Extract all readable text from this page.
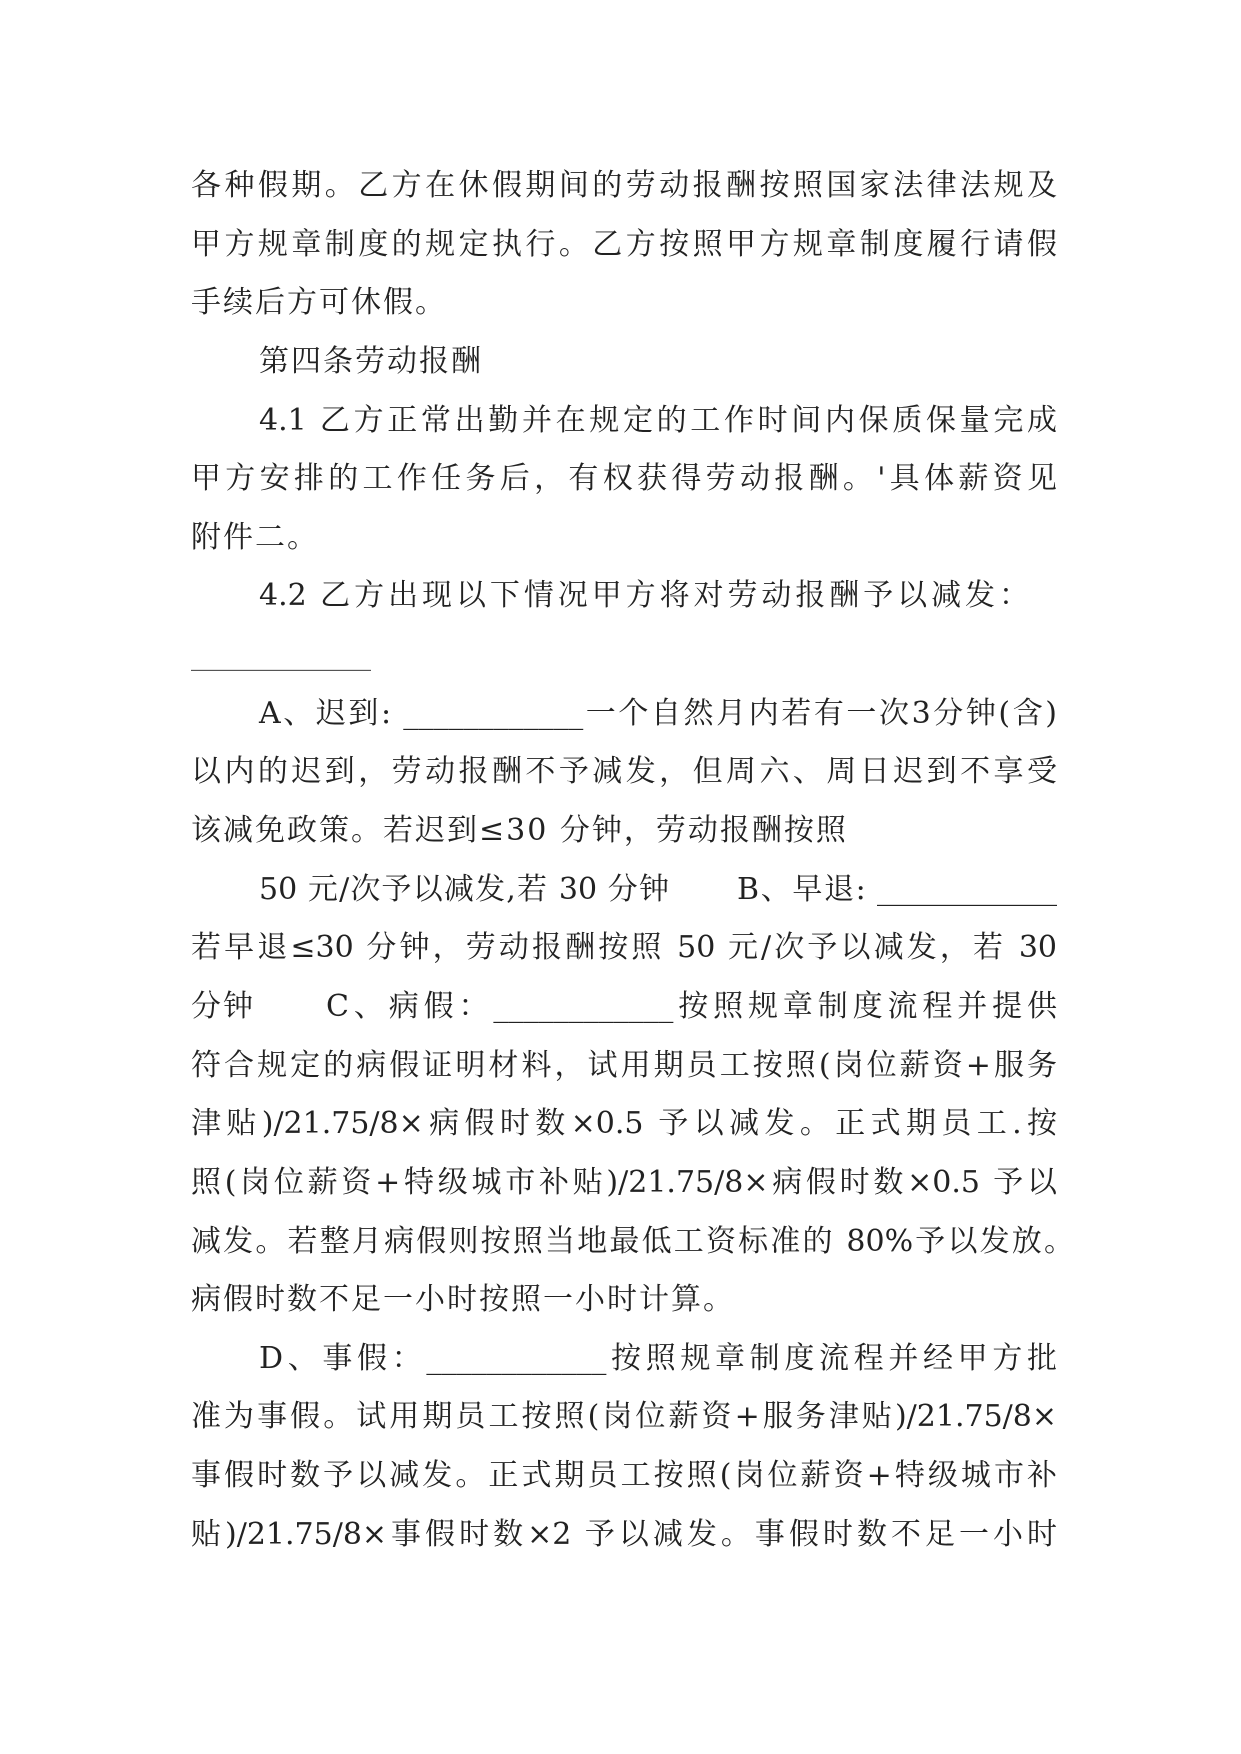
各种假期。乙方在休假期间的劳动报酬按照国家法律法规及
甲方规章制度的规定执行。乙方按照甲方规章制度履行请假
手续后方可休假。
第四条劳动报酬
4.1 乙方正常出勤并在规定的工作时间内保质保量完成
甲方安排的工作任务后，有权获得劳动报酬。'具体薪资见
附件二。
4.2 乙方出现以下情况甲方将对劳动报酬予以减发：
____________
A、迟到: ____________一个自然月内若有一次3分钟(含)
以内的迟到，劳动报酬不予减发，但周六、周日迟到不享受
该减免政策。若迟到≤30 分钟，劳动报酬按照
50 元/次予以减发,若 30 分钟 B、早退: ____________
若早退≤30 分钟，劳动报酬按照 50 元/次予以减发，若 30
分钟 C、病假：____________按照规章制度流程并提供
符合规定的病假证明材料，试用期员工按照(岗位薪资+服务
津贴)/21.75/8×病假时数×0.5 予以减发。正式期员工.按
照(岗位薪资+特级城市补贴)/21.75/8×病假时数×0.5 予以
减发。若整月病假则按照当地最低工资标准的 80%予以发放。
病假时数不足一小时按照一小时计算。
D、事假：____________按照规章制度流程并经甲方批
准为事假。试用期员工按照(岗位薪资+服务津贴)/21.75/8×
事假时数予以减发。正式期员工按照(岗位薪资+特级城市补
贴)/21.75/8×事假时数×2 予以减发。事假时数不足一小时
